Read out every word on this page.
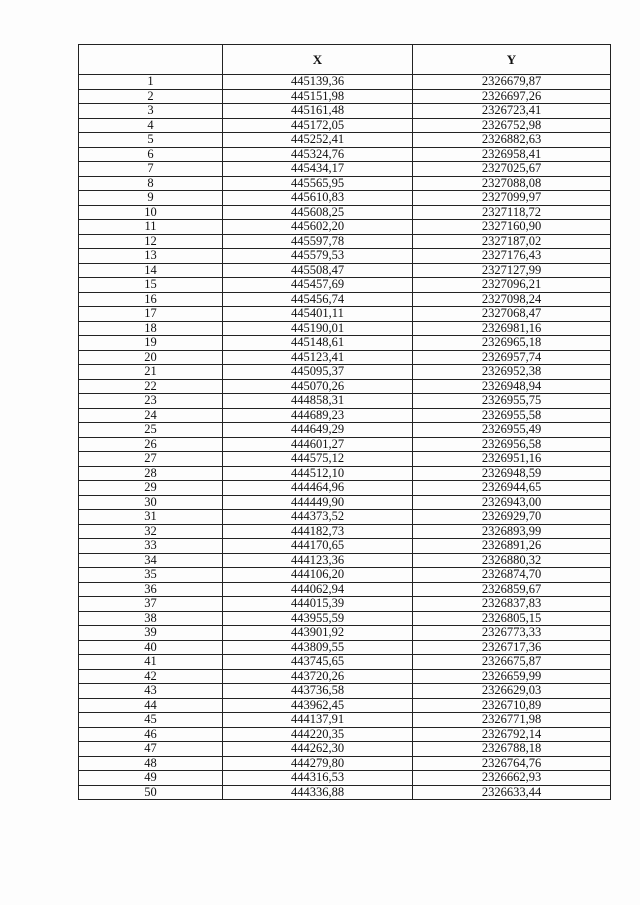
	X	Y
1	445139,36	2326679,87
2	445151,98	2326697,26
3	445161,48	2326723,41
4	445172,05	2326752,98
5	445252,41	2326882,63
6	445324,76	2326958,41
7	445434,17	2327025,67
8	445565,95	2327088,08
9	445610,83	2327099,97
10	445608,25	2327118,72
11	445602,20	2327160,90
12	445597,78	2327187,02
13	445579,53	2327176,43
14	445508,47	2327127,99
15	445457,69	2327096,21
16	445456,74	2327098,24
17	445401,11	2327068,47
18	445190,01	2326981,16
19	445148,61	2326965,18
20	445123,41	2326957,74
21	445095,37	2326952,38
22	445070,26	2326948,94
23	444858,31	2326955,75
24	444689,23	2326955,58
25	444649,29	2326955,49
26	444601,27	2326956,58
27	444575,12	2326951,16
28	444512,10	2326948,59
29	444464,96	2326944,65
30	444449,90	2326943,00
31	444373,52	2326929,70
32	444182,73	2326893,99
33	444170,65	2326891,26
34	444123,36	2326880,32
35	444106,20	2326874,70
36	444062,94	2326859,67
37	444015,39	2326837,83
38	443955,59	2326805,15
39	443901,92	2326773,33
40	443809,55	2326717,36
41	443745,65	2326675,87
42	443720,26	2326659,99
43	443736,58	2326629,03
44	443962,45	2326710,89
45	444137,91	2326771,98
46	444220,35	2326792,14
47	444262,30	2326788,18
48	444279,80	2326764,76
49	444316,53	2326662,93
50	444336,88	2326633,44
